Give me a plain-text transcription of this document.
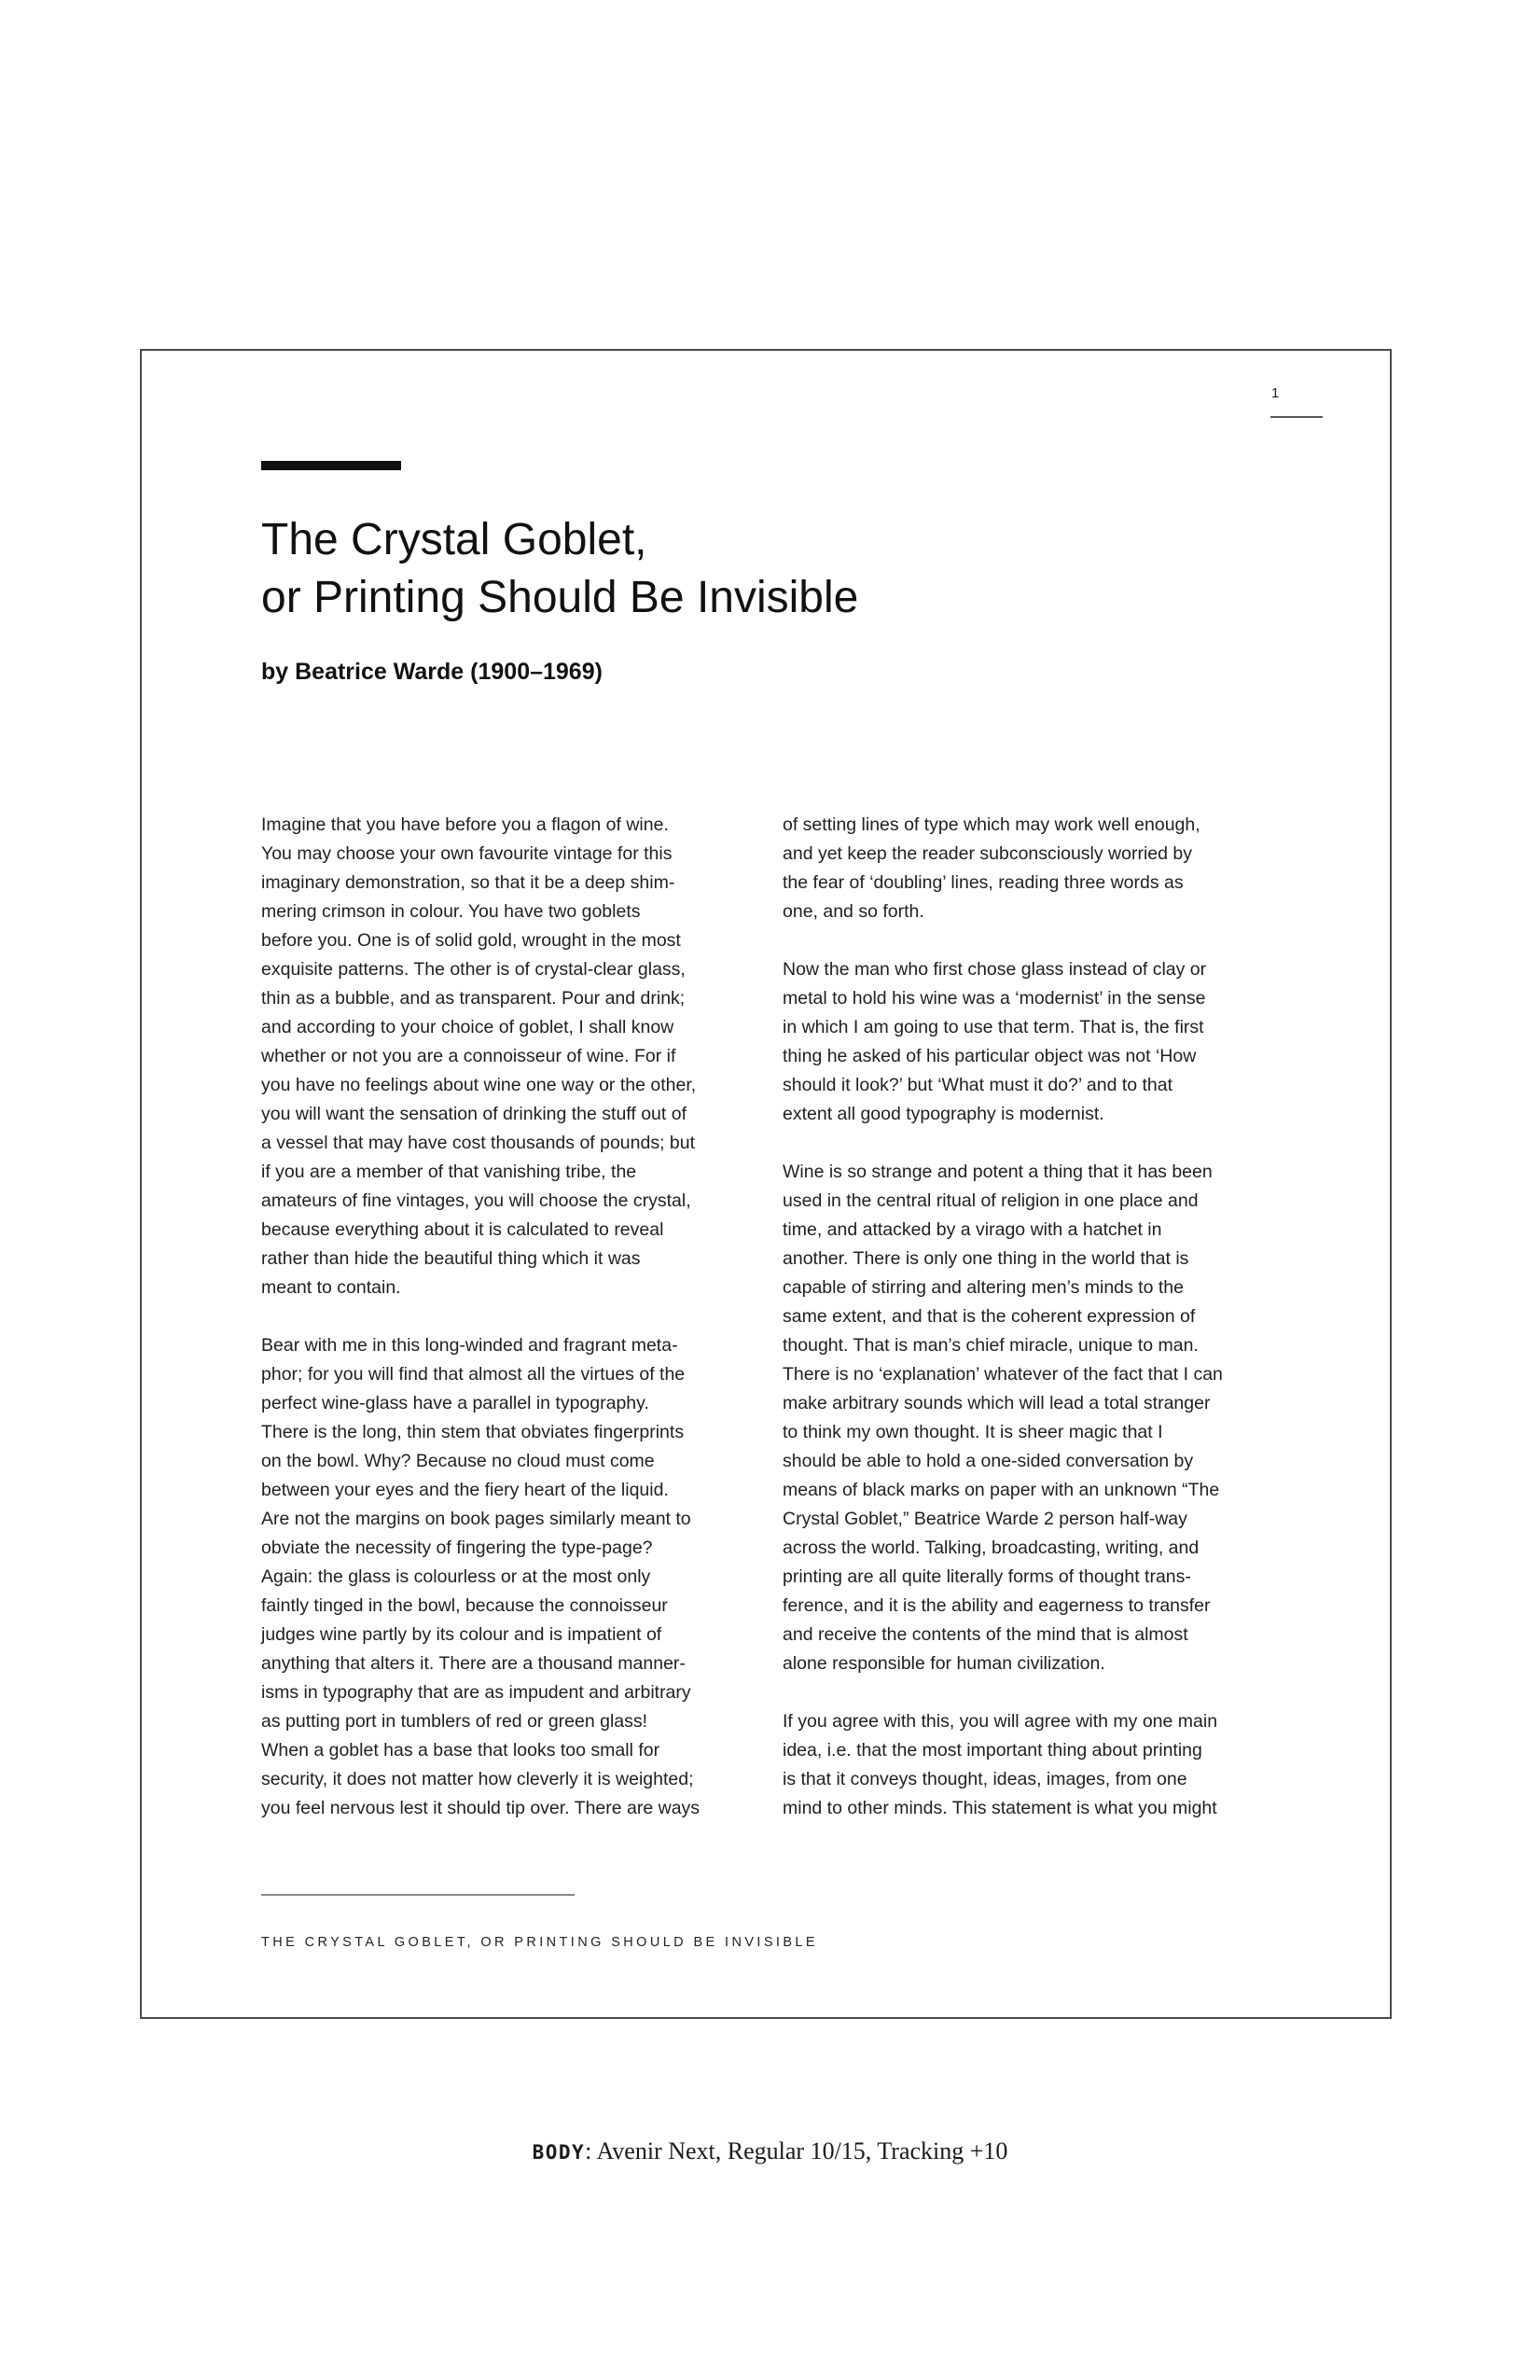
1
The Crystal Goblet,
or Printing Should Be Invisible
by Beatrice Warde (1900–1969)

Imagine that you have before you a flagon of wine.
You may choose your own favourite vintage for this
imaginary demonstration, so that it be a deep shim-
mering crimson in colour. You have two goblets
before you. One is of solid gold, wrought in the most
exquisite patterns. The other is of crystal-clear glass,
thin as a bubble, and as transparent. Pour and drink;
and according to your choice of goblet, I shall know
whether or not you are a connoisseur of wine. For if
you have no feelings about wine one way or the other,
you will want the sensation of drinking the stuff out of
a vessel that may have cost thousands of pounds; but
if you are a member of that vanishing tribe, the
amateurs of fine vintages, you will choose the crystal,
because everything about it is calculated to reveal
rather than hide the beautiful thing which it was
meant to contain.

Bear with me in this long-winded and fragrant meta-
phor; for you will find that almost all the virtues of the
perfect wine-glass have a parallel in typography.
There is the long, thin stem that obviates fingerprints
on the bowl. Why? Because no cloud must come
between your eyes and the fiery heart of the liquid.
Are not the margins on book pages similarly meant to
obviate the necessity of fingering the type-page?
Again: the glass is colourless or at the most only
faintly tinged in the bowl, because the connoisseur
judges wine partly by its colour and is impatient of
anything that alters it. There are a thousand manner-
isms in typography that are as impudent and arbitrary
as putting port in tumblers of red or green glass!
When a goblet has a base that looks too small for
security, it does not matter how cleverly it is weighted;
you feel nervous lest it should tip over. There are ways

of setting lines of type which may work well enough,
and yet keep the reader subconsciously worried by
the fear of ‘doubling’ lines, reading three words as
one, and so forth.

Now the man who first chose glass instead of clay or
metal to hold his wine was a ‘modernist’ in the sense
in which I am going to use that term. That is, the first
thing he asked of his particular object was not ‘How
should it look?’ but ‘What must it do?’ and to that
extent all good typography is modernist.

Wine is so strange and potent a thing that it has been
used in the central ritual of religion in one place and
time, and attacked by a virago with a hatchet in
another. There is only one thing in the world that is
capable of stirring and altering men’s minds to the
same extent, and that is the coherent expression of
thought. That is man’s chief miracle, unique to man.
There is no ‘explanation’ whatever of the fact that I can
make arbitrary sounds which will lead a total stranger
to think my own thought. It is sheer magic that I
should be able to hold a one-sided conversation by
means of black marks on paper with an unknown “The
Crystal Goblet,” Beatrice Warde 2 person half-way
across the world. Talking, broadcasting, writing, and
printing are all quite literally forms of thought trans-
ference, and it is the ability and eagerness to transfer
and receive the contents of the mind that is almost
alone responsible for human civilization.

If you agree with this, you will agree with my one main
idea, i.e. that the most important thing about printing
is that it conveys thought, ideas, images, from one
mind to other minds. This statement is what you might

THE CRYSTAL GOBLET, OR PRINTING SHOULD BE INVISIBLE
BODY: Avenir Next, Regular 10/15, Tracking +10
